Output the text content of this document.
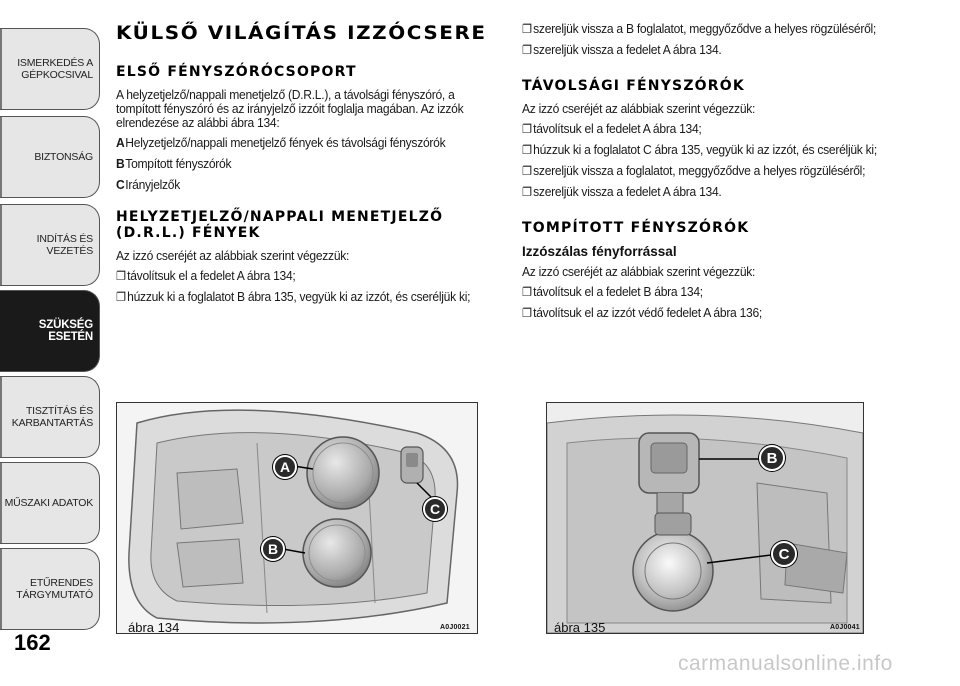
ISMERKEDÉS A GÉPKOCSIVAL
BIZTONSÁG
INDÍTÁS ÉS VEZETÉS
SZÜKSÉG ESETÉN
TISZTÍTÁS ÉS KARBANTARTÁS
MŰSZAKI ADATOK
ETŰRENDES TÁRGYMUTATÓ
162
KÜLSŐ VILÁGÍTÁS IZZÓCSERE
ELSŐ FÉNYSZÓRÓCSOPORT

A helyzetjelző/nappali menetjelző (D.R.L.), a távolsági fényszóró, a tompított fényszóró és az irányjelző izzóit foglalja magában. Az izzók elrendezése az alábbi ábra 134:

A Helyzetjelző/nappali menetjelző fények és távolsági fényszórók
B Tompított fényszórók
C Irányjelzők
HELYZETJELZŐ/NAPPALI MENETJELZŐ
(D.R.L.) FÉNYEK

Az izzó cseréjét az alábbiak szerint végezzük:

❐ távolítsuk el a fedelet A ábra 134;
❐ húzzuk ki a foglalatot B ábra 135, vegyük ki az izzót, és cseréljük ki;
❐ szereljük vissza a B foglalatot, meggyőződve a helyes rögzüléséről;
❐ szereljük vissza a fedelet A ábra 134.
TÁVOLSÁGI FÉNYSZÓRÓK

Az izzó cseréjét az alábbiak szerint végezzük:

❐ távolítsuk el a fedelet A ábra 134;
❐ húzzuk ki a foglalatot C ábra 135, vegyük ki az izzót, és cseréljük ki;
❐ szereljük vissza a foglalatot, meggyőződve a helyes rögzüléséről;
❐ szereljük vissza a fedelet A ábra 134.
TOMPÍTOTT FÉNYSZÓRÓK
Izzószálas fényforrással

Az izzó cseréjét az alábbiak szerint végezzük:

❐ távolítsuk el a fedelet B ábra 134;
❐ távolítsuk el az izzót védő fedelet A ábra 136;
A
B
C
ábra 134	A0J0021
B
C
ábra 135	A0J0041
carmanualsonline.info
